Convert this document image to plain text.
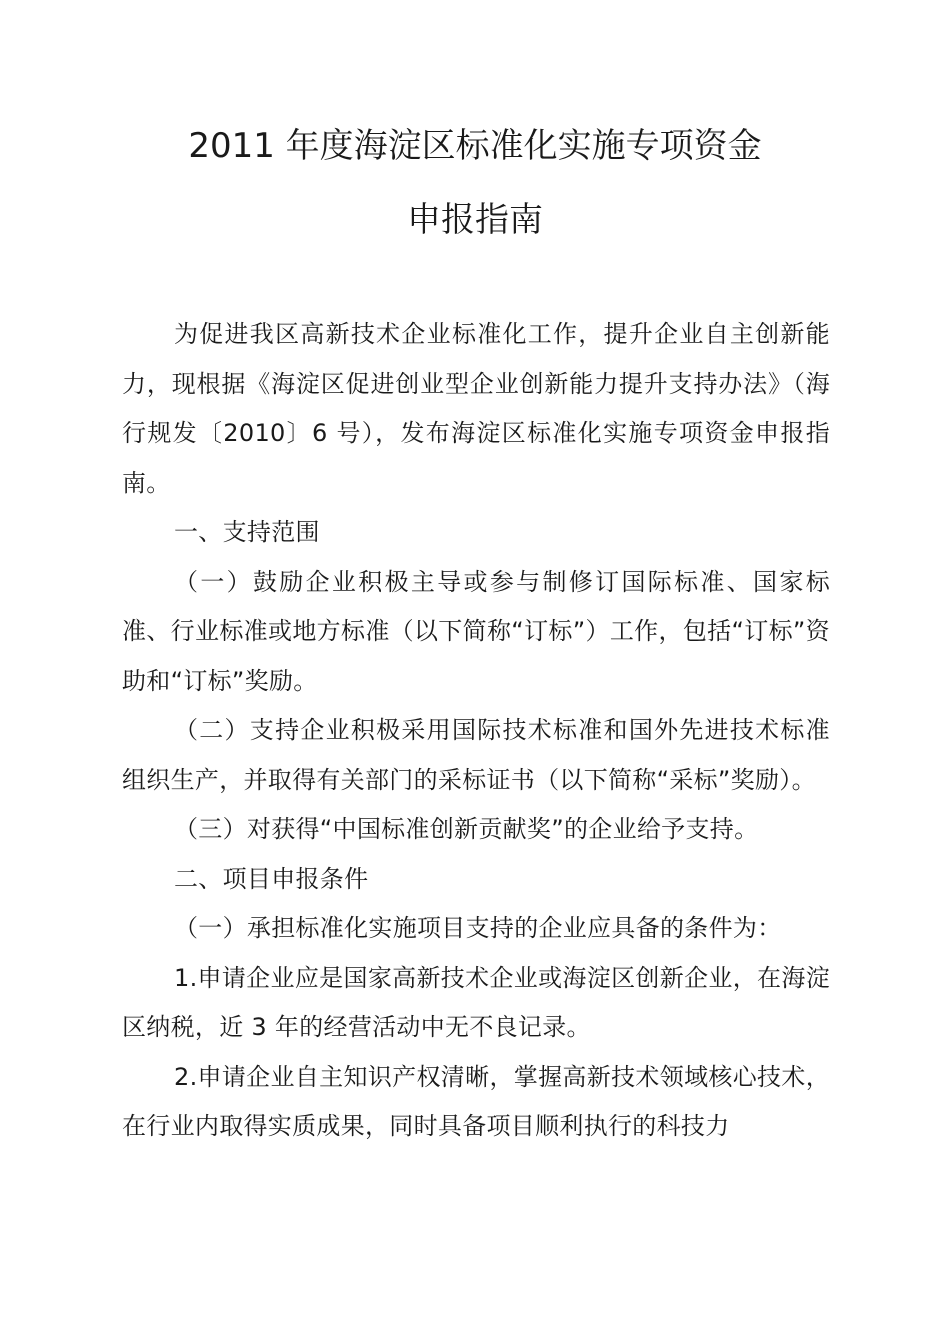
2011 年度海淀区标准化实施专项资金
申报指南

为促进我区高新技术企业标准化工作，提升企业自主创新能力，现根据《海淀区促进创业型企业创新能力提升支持办法》（海行规发〔2010〕6 号），发布海淀区标准化实施专项资金申报指南。

一、支持范围

（一）鼓励企业积极主导或参与制修订国际标准、国家标准、行业标准或地方标准（以下简称“订标”）工作，包括“订标”资助和“订标”奖励。

（二）支持企业积极采用国际技术标准和国外先进技术标准组织生产，并取得有关部门的采标证书（以下简称“采标”奖励）。

（三）对获得“中国标准创新贡献奖”的企业给予支持。

二、项目申报条件

（一）承担标准化实施项目支持的企业应具备的条件为：

1.申请企业应是国家高新技术企业或海淀区创新企业，在海淀区纳税，近 3 年的经营活动中无不良记录。

2.申请企业自主知识产权清晰，掌握高新技术领域核心技术，在行业内取得实质成果，同时具备项目顺利执行的科技力
